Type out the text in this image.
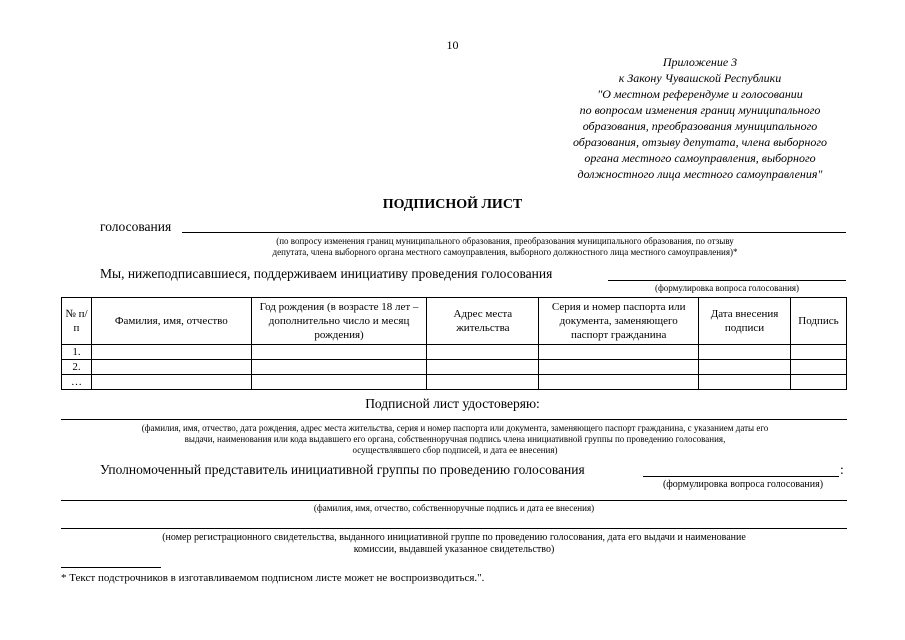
10
Приложение 3
к Закону Чувашской Республики
"О местном референдуме и голосовании
по вопросам изменения границ муниципального
образования, преобразования муниципального
образования, отзыву депутата, члена выборного
органа местного самоуправления, выборного
должностного лица местного самоуправления"
ПОДПИСНОЙ ЛИСТ
голосования
(по вопросу изменения границ муниципального образования, преобразования муниципального образования, по отзыву
депутата, члена выборного органа местного самоуправления, выборного должностного лица местного самоуправления)*
Мы, нижеподписавшиеся, поддерживаем инициативу проведения голосования
(формулировка вопроса голосования)
№ п/п	Фамилия, имя, отчество	Год рождения (в возрасте 18 лет – дополнительно число и месяц рождения)	Адрес места жительства	Серия и номер паспорта или документа, заменяющего паспорт гражданина	Дата внесения подписи	Подпись
1.						
2.						
…						
Подписной лист удостоверяю:
(фамилия, имя, отчество, дата рождения, адрес места жительства, серия и номер паспорта или документа, заменяющего паспорт гражданина, с указанием даты его
выдачи, наименования или кода выдавшего его органа, собственноручная подпись члена инициативной группы по проведению голосования,
осуществлявшего сбор подписей, и дата ее внесения)
Уполномоченный представитель инициативной группы по проведению голосования	:
(формулировка вопроса голосования)
(фамилия, имя, отчество, собственноручные подпись и дата ее внесения)
(номер регистрационного свидетельства, выданного инициативной группе по проведению голосования, дата его выдачи и наименование
комиссии, выдавшей указанное свидетельство)
* Текст подстрочников в изготавливаемом подписном листе может не воспроизводиться.".
